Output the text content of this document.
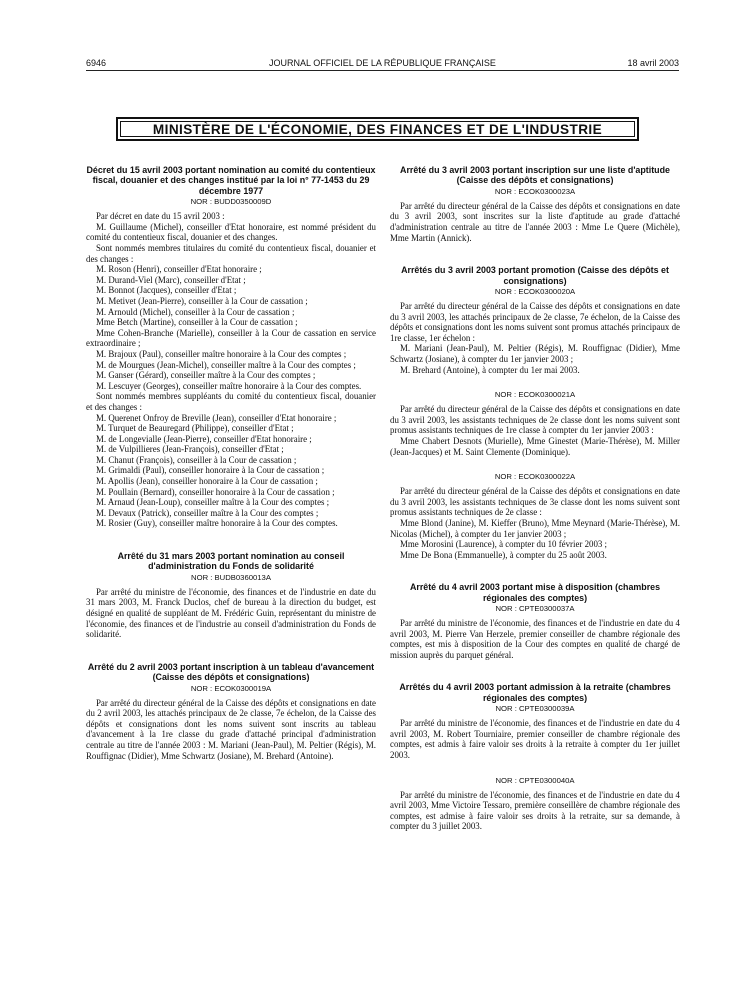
6946	JOURNAL OFFICIEL DE LA RÉPUBLIQUE FRANÇAISE	18 avril 2003
MINISTÈRE DE L'ÉCONOMIE, DES FINANCES ET DE L'INDUSTRIE
Décret du 15 avril 2003 portant nomination au comité du contentieux fiscal, douanier et des changes institué par la loi n° 77-1453 du 29 décembre 1977
NOR : BUDD0350009D

Par décret en date du 15 avril 2003 :

M. Guillaume (Michel), conseiller d'Etat honoraire, est nommé président du comité du contentieux fiscal, douanier et des changes.

Sont nommés membres titulaires du comité du contentieux fiscal, douanier et des changes :

M. Roson (Henri), conseiller d'Etat honoraire ;

M. Durand-Viel (Marc), conseiller d'Etat ;

M. Bonnot (Jacques), conseiller d'Etat ;

M. Metivet (Jean-Pierre), conseiller à la Cour de cassation ;

M. Arnould (Michel), conseiller à la Cour de cassation ;

Mme Betch (Martine), conseiller à la Cour de cassation ;

Mme Cohen-Branche (Marielle), conseiller à la Cour de cassation en service extraordinaire ;

M. Brajoux (Paul), conseiller maître honoraire à la Cour des comptes ;

M. de Mourgues (Jean-Michel), conseiller maître à la Cour des comptes ;

M. Ganser (Gérard), conseiller maître à la Cour des comptes ;

M. Lescuyer (Georges), conseiller maître honoraire à la Cour des comptes.

Sont nommés membres suppléants du comité du contentieux fiscal, douanier et des changes :

M. Querenet Onfroy de Breville (Jean), conseiller d'Etat honoraire ;

M. Turquet de Beauregard (Philippe), conseiller d'Etat ;

M. de Longevialle (Jean-Pierre), conseiller d'Etat honoraire ;

M. de Vulpillieres (Jean-François), conseiller d'Etat ;

M. Chanut (François), conseiller à la Cour de cassation ;

M. Grimaldi (Paul), conseiller honoraire à la Cour de cassation ;

M. Apollis (Jean), conseiller honoraire à la Cour de cassation ;

M. Poullain (Bernard), conseiller honoraire à la Cour de cassation ;

M. Arnaud (Jean-Loup), conseiller maître à la Cour des comptes ;

M. Devaux (Patrick), conseiller maître à la Cour des comptes ;

M. Rosier (Guy), conseiller maître honoraire à la Cour des comptes.

Arrêté du 31 mars 2003 portant nomination au conseil d'administration du Fonds de solidarité
NOR : BUDB0360013A

Par arrêté du ministre de l'économie, des finances et de l'industrie en date du 31 mars 2003, M. Franck Duclos, chef de bureau à la direction du budget, est désigné en qualité de suppléant de M. Frédéric Guin, représentant du ministre de l'économie, des finances et de l'industrie au conseil d'administration du Fonds de solidarité.

Arrêté du 2 avril 2003 portant inscription à un tableau d'avancement (Caisse des dépôts et consignations)
NOR : ECOK0300019A

Par arrêté du directeur général de la Caisse des dépôts et consignations en date du 2 avril 2003, les attachés principaux de 2e classe, 7e échelon, de la Caisse des dépôts et consignations dont les noms suivent sont inscrits au tableau d'avancement à la 1re classe du grade d'attaché principal d'administration centrale au titre de l'année 2003 : M. Mariani (Jean-Paul), M. Peltier (Régis), M. Rouffignac (Didier), Mme Schwartz (Josiane), M. Brehard (Antoine).

Arrêté du 3 avril 2003 portant inscription sur une liste d'aptitude (Caisse des dépôts et consignations)
NOR : ECOK0300023A

Par arrêté du directeur général de la Caisse des dépôts et consignations en date du 3 avril 2003, sont inscrites sur la liste d'aptitude au grade d'attaché d'administration centrale au titre de l'année 2003 : Mme Le Quere (Michèle), Mme Martin (Annick).

Arrêtés du 3 avril 2003 portant promotion (Caisse des dépôts et consignations)
NOR : ECOK0300020A

Par arrêté du directeur général de la Caisse des dépôts et consignations en date du 3 avril 2003, les attachés principaux de 2e classe, 7e échelon, de la Caisse des dépôts et consignations dont les noms suivent sont promus attachés principaux de 1re classe, 1er échelon :

M. Mariani (Jean-Paul), M. Peltier (Régis), M. Rouffignac (Didier), Mme Schwartz (Josiane), à compter du 1er janvier 2003 ;

M. Brehard (Antoine), à compter du 1er mai 2003.

NOR : ECOK0300021A

Par arrêté du directeur général de la Caisse des dépôts et consignations en date du 3 avril 2003, les assistants techniques de 2e classe dont les noms suivent sont promus assistants techniques de 1re classe à compter du 1er janvier 2003 :

Mme Chabert Desnots (Murielle), Mme Ginestet (Marie-Thérèse), M. Miller (Jean-Jacques) et M. Saint Clemente (Dominique).

NOR : ECOK0300022A

Par arrêté du directeur général de la Caisse des dépôts et consignations en date du 3 avril 2003, les assistants techniques de 3e classe dont les noms suivent sont promus assistants techniques de 2e classe :

Mme Blond (Janine), M. Kieffer (Bruno), Mme Meynard (Marie-Thérèse), M. Nicolas (Michel), à compter du 1er janvier 2003 ;

Mme Morosini (Laurence), à compter du 10 février 2003 ;

Mme De Bona (Emmanuelle), à compter du 25 août 2003.

Arrêté du 4 avril 2003 portant mise à disposition (chambres régionales des comptes)
NOR : CPTE0300037A

Par arrêté du ministre de l'économie, des finances et de l'industrie en date du 4 avril 2003, M. Pierre Van Herzele, premier conseiller de chambre régionale des comptes, est mis à disposition de la Cour des comptes en qualité de chargé de mission auprès du parquet général.

Arrêtés du 4 avril 2003 portant admission à la retraite (chambres régionales des comptes)
NOR : CPTE0300039A

Par arrêté du ministre de l'économie, des finances et de l'industrie en date du 4 avril 2003, M. Robert Tourniaire, premier conseiller de chambre régionale des comptes, est admis à faire valoir ses droits à la retraite à compter du 1er juillet 2003.

NOR : CPTE0300040A

Par arrêté du ministre de l'économie, des finances et de l'industrie en date du 4 avril 2003, Mme Victoire Tessaro, première conseillère de chambre régionale des comptes, est admise à faire valoir ses droits à la retraite, sur sa demande, à compter du 3 juillet 2003.
